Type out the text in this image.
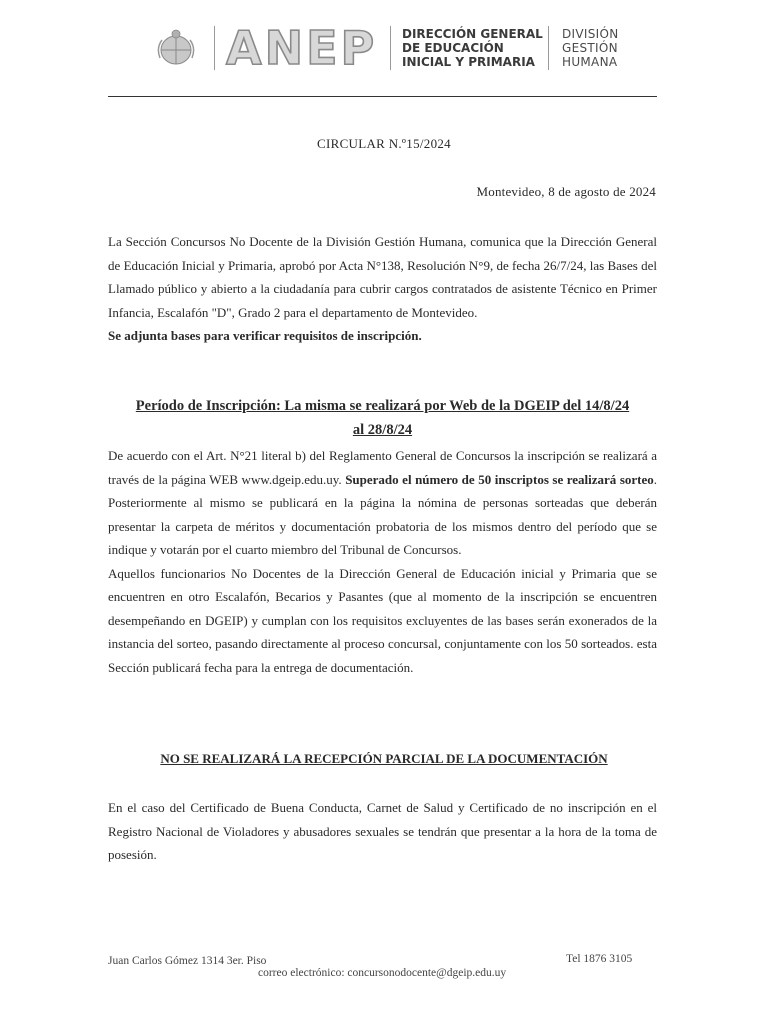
ANEP DIRECCIÓN GENERAL
DE EDUCACIÓN
INICIAL Y PRIMARIA
DIVISIÓN
GESTIÓN
HUMANA
CIRCULAR N.º15/2024
Montevideo, 8 de agosto de 2024
La Sección Concursos No Docente de la División Gestión Humana, comunica que la Dirección General de Educación Inicial y Primaria, aprobó por Acta N°138, Resolución N°9, de fecha 26/7/24, las Bases del Llamado público y abierto a la ciudadanía para cubrir cargos contratados de asistente Técnico en Primer Infancia, Escalafón "D", Grado 2 para el departamento de Montevideo.
Se adjunta bases para verificar requisitos de inscripción.
Período de Inscripción: La misma se realizará por Web de la DGEIP del 14/8/24
al 28/8/24
De acuerdo con el Art. N°21 literal b) del Reglamento General de Concursos la inscripción se realizará a través de la página WEB www.dgeip.edu.uy. Superado el número de 50 inscriptos se realizará sorteo. Posteriormente al mismo se publicará en la página la nómina de personas sorteadas que deberán presentar la carpeta de méritos y documentación probatoria de los mismos dentro del período que se indique y votarán por el cuarto miembro del Tribunal de Concursos.
Aquellos funcionarios No Docentes de la Dirección General de Educación inicial y Primaria que se encuentren en otro Escalafón, Becarios y Pasantes (que al momento de la inscripción se encuentren desempeñando en DGEIP) y cumplan con los requisitos excluyentes de las bases serán exonerados de la instancia del sorteo, pasando directamente al proceso concursal, conjuntamente con los 50 sorteados. esta Sección publicará fecha para la entrega de documentación.
NO SE REALIZARÁ LA RECEPCIÓN PARCIAL DE LA DOCUMENTACIÓN
En el caso del Certificado de Buena Conducta, Carnet de Salud y Certificado de no inscripción en el Registro Nacional de Violadores y abusadores sexuales se tendrán que presentar a la hora de la toma de posesión.
Juan Carlos Gómez 1314 3er. Piso	Tel 1876 3105
correo electrónico: concursonodocente@dgeip.edu.uy
